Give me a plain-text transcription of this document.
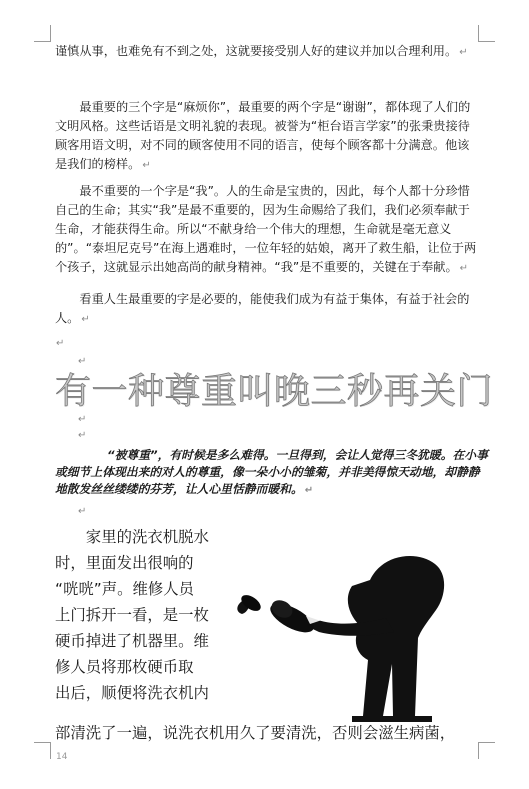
谨慎从事，也难免有不到之处，这就要接受别人好的建议并加以合理利用。 ↵

最重要的三个字是“麻烦你”，最重要的两个字是“谢谢”，都体现了人们的文明风格。这些话语是文明礼貌的表现。被誉为“柜台语言学家”的张秉贵接待顾客用语文明，对不同的顾客使用不同的语言，使每个顾客都十分满意。他该是我们的榜样。 ↵

最不重要的一个字是“我”。人的生命是宝贵的，因此，每个人都十分珍惜自己的生命；其实“我”是最不重要的，因为生命赐给了我们，我们必须奉献于生命，才能获得生命。所以“不献身给一个伟大的理想，生命就是毫无意义的”。“泰坦尼克号”在海上遇难时，一位年轻的姑娘，离开了救生船，让位于两个孩子，这就显示出她高尚的献身精神。“我”是不重要的，关键在于奉献。 ↵

看重人生最重要的字是必要的，能使我们成为有益于集体，有益于社会的人。 ↵

↵
↵
有一种尊重叫晚三秒再关门
↵
↵

“被尊重”，有时候是多么难得。一旦得到，会让人觉得三冬犹暖。在小事或细节上体现出来的对人的尊重，像一朵小小的雏菊，并非美得惊天动地，却静静地散发丝丝缕缕的芬芳，让人心里恬静而暖和。 ↵

↵
家里的洗衣机脱水
时，里面发出很响的
“咣咣”声。维修人员
上门拆开一看，是一枚
硬币掉进了机器里。维
修人员将那枚硬币取
出后，顺便将洗衣机内
部清洗了一遍，说洗衣机用久了要清洗，否则会滋生病菌，
14
